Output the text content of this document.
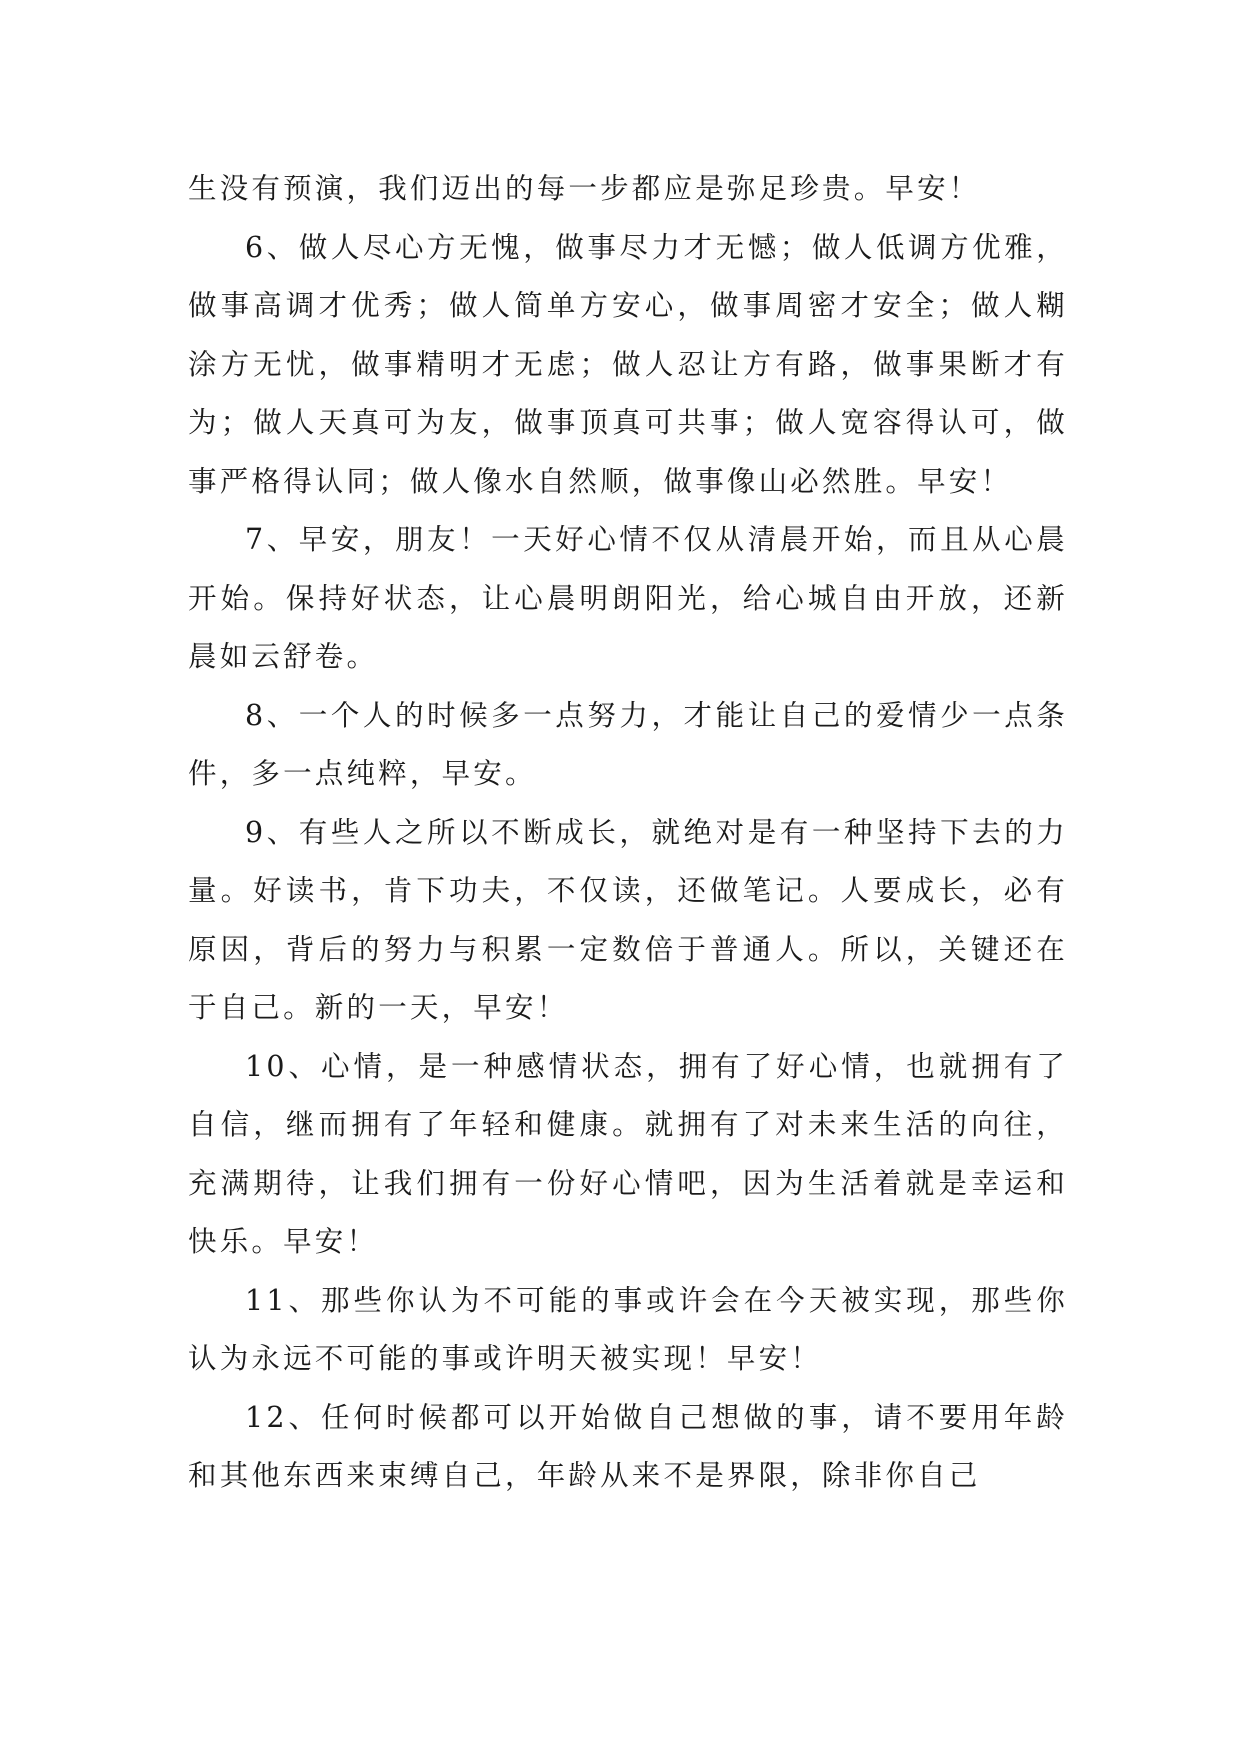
生没有预演，我们迈出的每一步都应是弥足珍贵。早安！

6、做人尽心方无愧，做事尽力才无憾；做人低调方优雅，做事高调才优秀；做人简单方安心，做事周密才安全；做人糊涂方无忧，做事精明才无虑；做人忍让方有路，做事果断才有为；做人天真可为友，做事顶真可共事；做人宽容得认可，做事严格得认同；做人像水自然顺，做事像山必然胜。早安！

7、早安，朋友！一天好心情不仅从清晨开始，而且从心晨开始。保持好状态，让心晨明朗阳光，给心城自由开放，还新晨如云舒卷。

8、一个人的时候多一点努力，才能让自己的爱情少一点条件，多一点纯粹，早安。

9、有些人之所以不断成长，就绝对是有一种坚持下去的力量。好读书，肯下功夫，不仅读，还做笔记。人要成长，必有原因，背后的努力与积累一定数倍于普通人。所以，关键还在于自己。新的一天，早安！

10、心情，是一种感情状态，拥有了好心情，也就拥有了自信，继而拥有了年轻和健康。就拥有了对未来生活的向往，充满期待，让我们拥有一份好心情吧，因为生活着就是幸运和快乐。早安！

11、那些你认为不可能的事或许会在今天被实现，那些你认为永远不可能的事或许明天被实现！早安！

12、任何时候都可以开始做自己想做的事，请不要用年龄和其他东西来束缚自己，年龄从来不是界限，除非你自己
